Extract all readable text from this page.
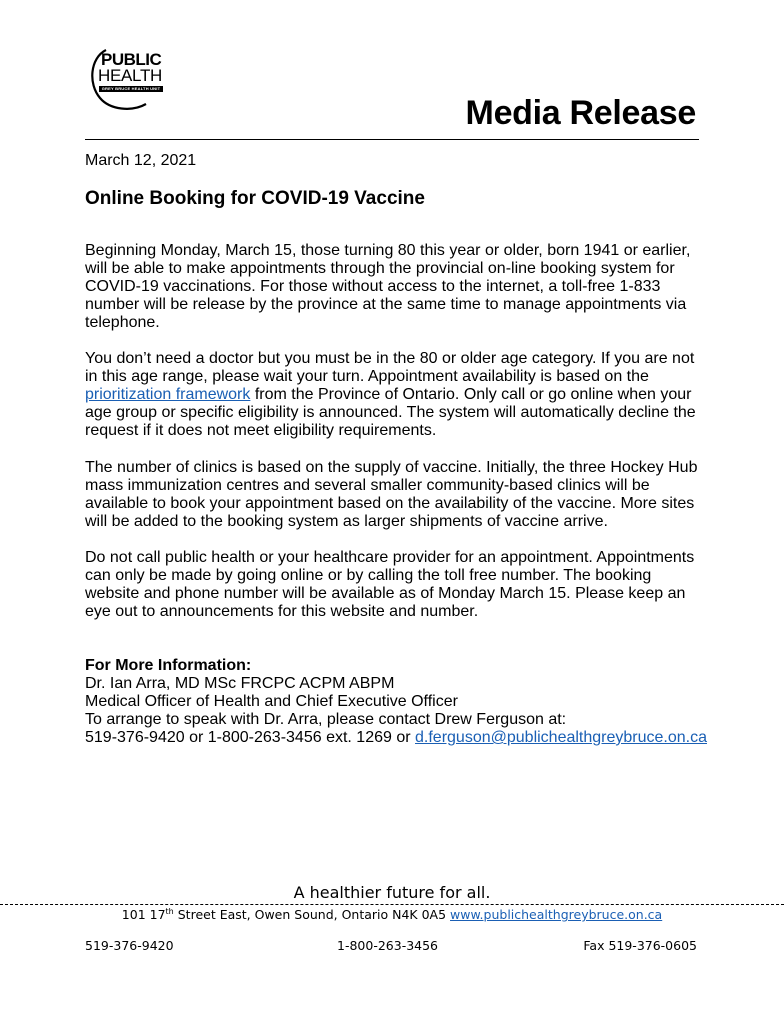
PUBLIC
HEALTH
GREY BRUCE HEALTH UNIT
Media Release
March 12, 2021
Online Booking for COVID-19 Vaccine
Beginning Monday, March 15, those turning 80 this year or older, born 1941 or earlier, will be able to make appointments through the provincial on-line booking system for COVID-19 vaccinations. For those without access to the internet, a toll-free 1-833 number will be release by the province at the same time to manage appointments via telephone.
You don’t need a doctor but you must be in the 80 or older age category. If you are not in this age range, please wait your turn. Appointment availability is based on the prioritization framework from the Province of Ontario. Only call or go online when your age group or specific eligibility is announced. The system will automatically decline the request if it does not meet eligibility requirements.
The number of clinics is based on the supply of vaccine. Initially, the three Hockey Hub mass immunization centres and several smaller community-based clinics will be available to book your appointment based on the availability of the vaccine. More sites will be added to the booking system as larger shipments of vaccine arrive.
Do not call public health or your healthcare provider for an appointment. Appointments can only be made by going online or by calling the toll free number. The booking website and phone number will be available as of Monday March 15. Please keep an eye out to announcements for this website and number.
For More Information:
Dr. Ian Arra, MD MSc FRCPC ACPM ABPM
Medical Officer of Health and Chief Executive Officer
To arrange to speak with Dr. Arra, please contact Drew Ferguson at:
519-376-9420 or 1-800-263-3456 ext. 1269 or d.ferguson@publichealthgreybruce.on.ca
A healthier future for all.
101 17th Street East, Owen Sound, Ontario N4K 0A5 www.publichealthgreybruce.on.ca
519-376-9420	1-800-263-3456	Fax 519-376-0605
